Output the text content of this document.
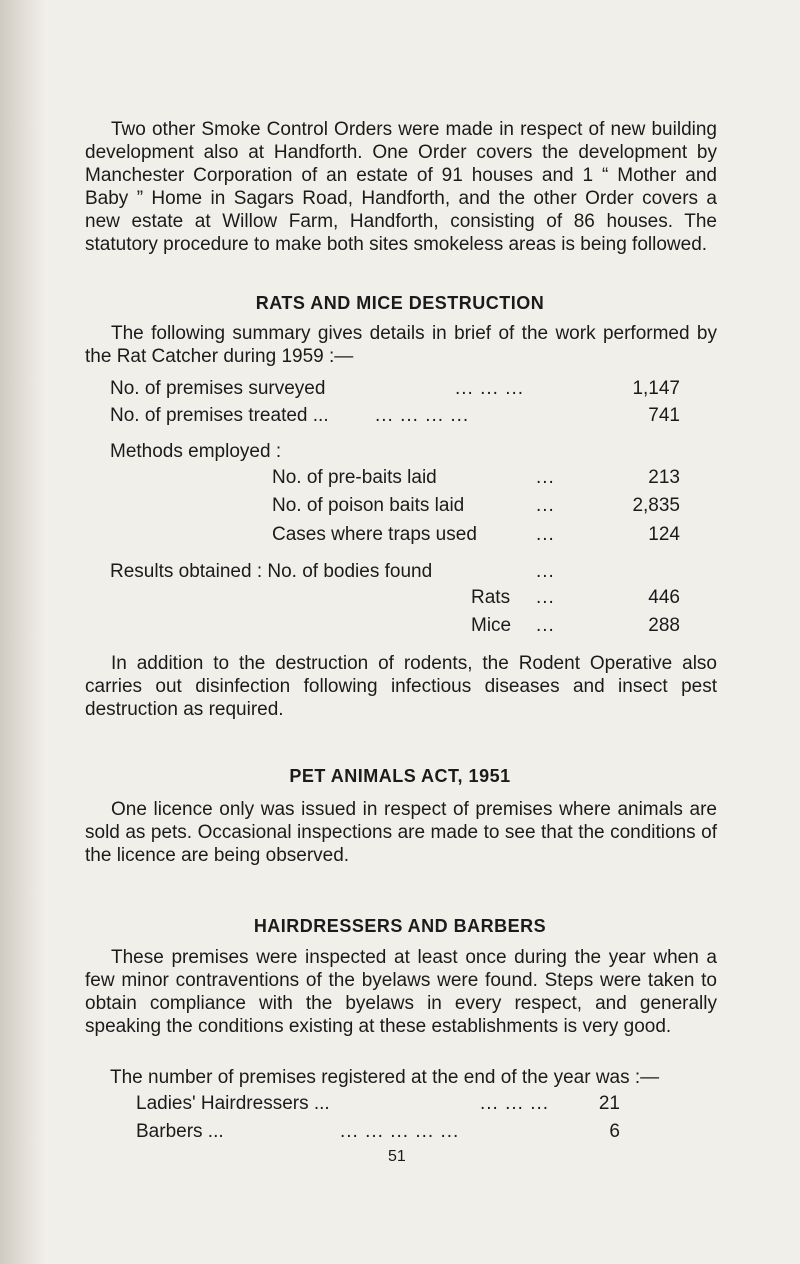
Two other Smoke Control Orders were made in respect of new building development also at Handforth. One Order covers the development by Manchester Corporation of an estate of 91 houses and 1 “ Mother and Baby ” Home in Sagars Road, Handforth, and the other Order covers a new estate at Willow Farm, Handforth, consisting of 86 houses. The statutory procedure to make both sites smokeless areas is being followed.

RATS AND MICE DESTRUCTION

The following summary gives details in brief of the work performed by the Rat Catcher during 1959 :—

No. of premises surveyed	... ... ...	1,147
No. of premises treated ... ... ... ... ...	741
Methods employed :
No. of pre-baits laid	...	213
No. of poison baits laid	...	2,835
Cases where traps used	...	124
Results obtained : No. of bodies found	...
Rats ...	446
Mice ...	288

In addition to the destruction of rodents, the Rodent Operative also carries out disinfection following infectious diseases and insect pest destruction as required.

PET ANIMALS ACT, 1951

One licence only was issued in respect of premises where animals are sold as pets. Occasional inspections are made to see that the conditions of the licence are being observed.

HAIRDRESSERS AND BARBERS

These premises were inspected at least once during the year when a few minor contraventions of the byelaws were found. Steps were taken to obtain compliance with the byelaws in every respect, and generally speaking the conditions existing at these establishments is very good.

The number of premises registered at the end of the year was :—

Ladies' Hairdressers ...	... ... ...	21
Barbers ...	... ... ... ... ...	6
51
